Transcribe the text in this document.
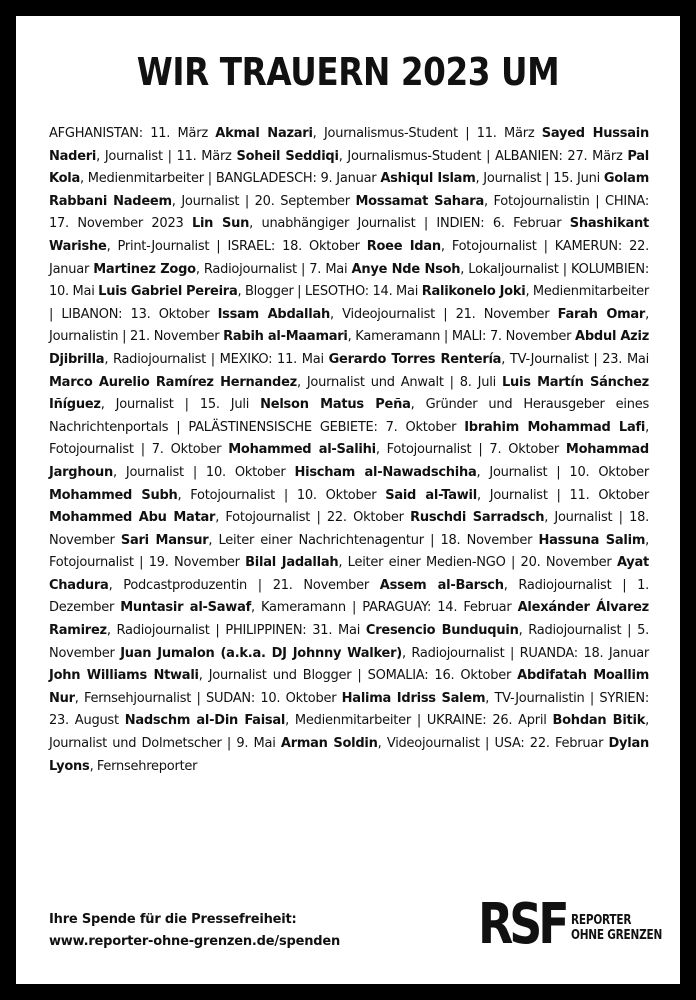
WIR TRAUERN 2023 UM
AFGHANISTAN: 11. März Akmal Nazari, Journalismus-Student | 11. März Sayed Hussain Naderi, Journalist | 11. März Soheil Seddiqi, Journalismus-Student | ALBANIEN: 27. März Pal Kola, Medienmitarbeiter | BANGLADESCH: 9. Januar Ashiqul Islam, Journalist | 15. Juni Golam Rabbani Nadeem, Journalist | 20. September Mossamat Sahara, Fotojournalistin | CHINA: 17. November 2023 Lin Sun, unabhängiger Journalist | INDIEN: 6. Februar Shashikant Warishe, Print-Journalist | ISRAEL: 18. Oktober Roee Idan, Fotojournalist | KAMERUN: 22. Januar Martinez Zogo, Radiojournalist | 7. Mai Anye Nde Nsoh, Lokaljournalist | KOLUMBIEN: 10. Mai Luis Gabriel Pereira, Blogger | LESOTHO: 14. Mai Ralikonelo Joki, Medienmitarbeiter | LIBANON: 13. Oktober Issam Abdallah, Videojournalist | 21. November Farah Omar, Journalistin | 21. November Rabih al-Maamari, Kameramann | MALI: 7. November Abdul Aziz Djibrilla, Radiojournalist | MEXIKO: 11. Mai Gerardo Torres Rentería, TV-Journalist | 23. Mai Marco Aurelio Ramírez Hernandez, Journalist und Anwalt | 8. Juli Luis Martín Sánchez Iñíguez, Journalist | 15. Juli Nelson Matus Peña, Gründer und Herausgeber eines Nachrichtenportals | PALÄSTINENSISCHE GEBIETE: 7. Oktober Ibrahim Mohammad Lafi, Fotojournalist | 7. Oktober Mohammed al-Salihi, Fotojournalist | 7. Oktober Mohammad Jarghoun, Journalist | 10. Oktober Hischam al-Nawadschiha, Journalist | 10. Oktober Mohammed Subh, Fotojournalist | 10. Oktober Said al-Tawil, Journalist | 11. Oktober Mohammed Abu Matar, Fotojournalist | 22. Oktober Ruschdi Sarradsch, Journalist | 18. November Sari Mansur, Leiter einer Nachrichtenagentur | 18. November Hassuna Salim, Fotojournalist | 19. November Bilal Jadallah, Leiter einer Medien-NGO | 20. November Ayat Chadura, Podcastproduzentin | 21. November Assem al-Barsch, Radiojournalist | 1. Dezember Muntasir al-Sawaf, Kameramann | PARAGUAY: 14. Februar Alexánder Álvarez Ramirez, Radiojournalist | PHILIPPINEN: 31. Mai Cresencio Bunduquin, Radiojournalist | 5. November Juan Jumalon (a.k.a. DJ Johnny Walker), Radiojournalist | RUANDA: 18. Januar John Williams Ntwali, Journalist und Blogger | SOMALIA: 16. Oktober Abdifatah Moallim Nur, Fernsehjournalist | SUDAN: 10. Oktober Halima Idriss Salem, TV-Journalistin | SYRIEN: 23. August Nadschm al-Din Faisal, Medienmitarbeiter | UKRAINE: 26. April Bohdan Bitik, Journalist und Dolmetscher | 9. Mai Arman Soldin, Videojournalist | USA: 22. Februar Dylan Lyons, Fernsehreporter
Ihre Spende für die Pressefreiheit:
www.reporter-ohne-grenzen.de/spenden RSF REPORTER
OHNE GRENZEN
